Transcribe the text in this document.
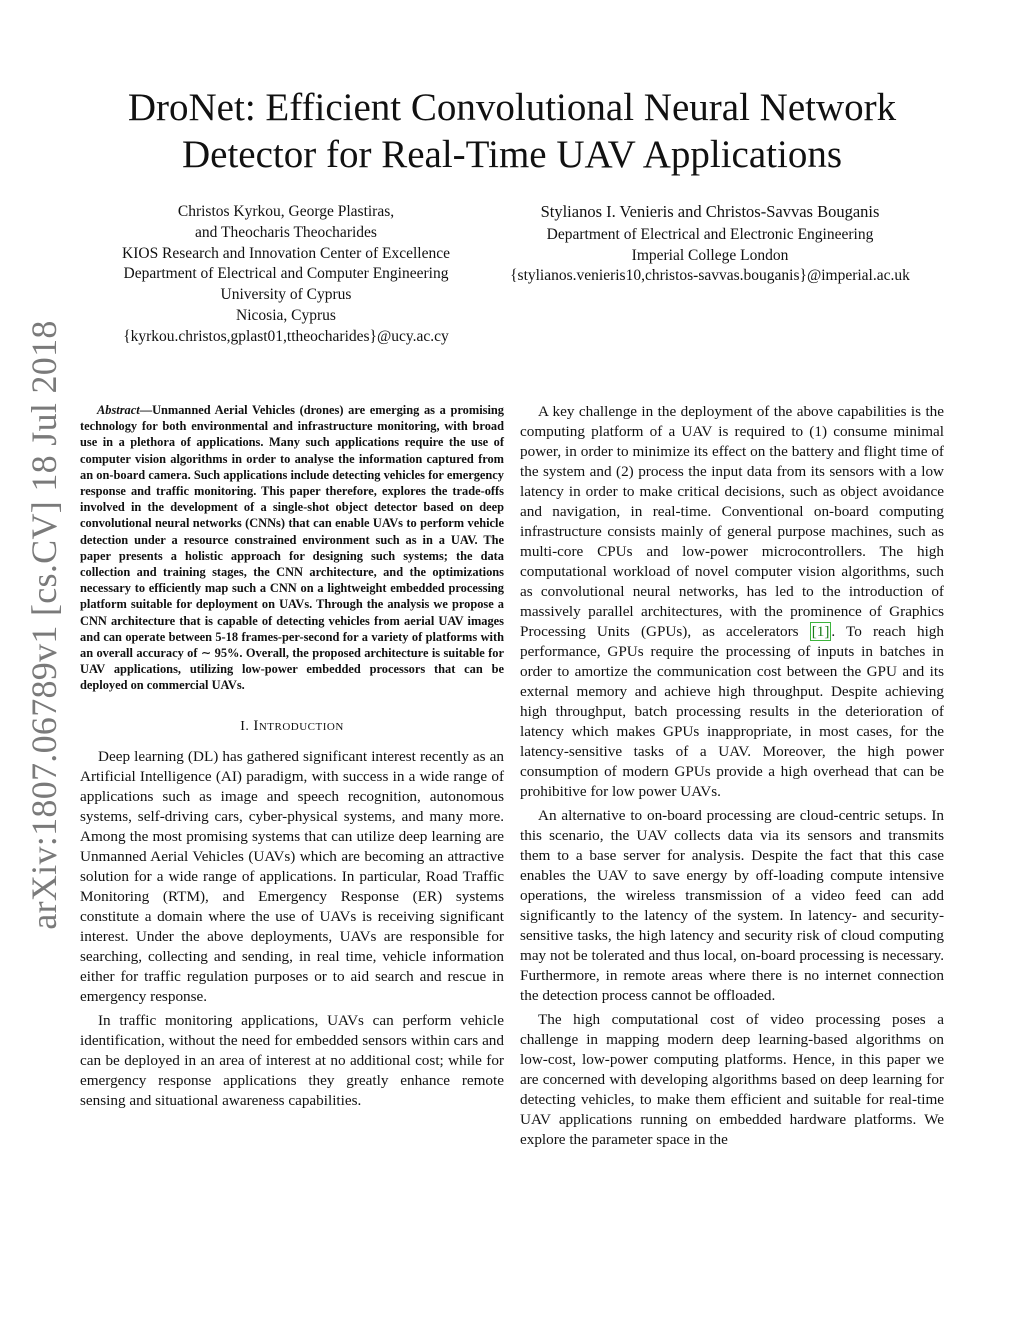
arXiv:1807.06789v1 [cs.CV] 18 Jul 2018
DroNet: Efficient Convolutional Neural Network
Detector for Real-Time UAV Applications
Christos Kyrkou, George Plastiras,
and Theocharis Theocharides
KIOS Research and Innovation Center of Excellence
Department of Electrical and Computer Engineering
University of Cyprus
Nicosia, Cyprus
{kyrkou.christos,gplast01,ttheocharides}@ucy.ac.cy
Stylianos I. Venieris and Christos-Savvas Bouganis
Department of Electrical and Electronic Engineering
Imperial College London
{stylianos.venieris10,christos-savvas.bouganis}@imperial.ac.uk
Abstract—Unmanned Aerial Vehicles (drones) are emerging as a promising technology for both environmental and infrastructure monitoring, with broad use in a plethora of applications. Many such applications require the use of computer vision algorithms in order to analyse the information captured from an on-board camera. Such applications include detecting vehicles for emergency response and traffic monitoring. This paper therefore, explores the trade-offs involved in the development of a single-shot object detector based on deep convolutional neural networks (CNNs) that can enable UAVs to perform vehicle detection under a resource constrained environment such as in a UAV. The paper presents a holistic approach for designing such systems; the data collection and training stages, the CNN architecture, and the optimizations necessary to efficiently map such a CNN on a lightweight embedded processing platform suitable for deployment on UAVs. Through the analysis we propose a CNN architecture that is capable of detecting vehicles from aerial UAV images and can operate between 5-18 frames-per-second for a variety of platforms with an overall accuracy of ∼ 95%. Overall, the proposed architecture is suitable for UAV applications, utilizing low-power embedded processors that can be deployed on commercial UAVs.
I. Introduction

Deep learning (DL) has gathered significant interest recently as an Artificial Intelligence (AI) paradigm, with success in a wide range of applications such as image and speech recognition, autonomous systems, self-driving cars, cyber-physical systems, and many more. Among the most promising systems that can utilize deep learning are Unmanned Aerial Vehicles (UAVs) which are becoming an attractive solution for a wide range of applications. In particular, Road Traffic Monitoring (RTM), and Emergency Response (ER) systems constitute a domain where the use of UAVs is receiving significant interest. Under the above deployments, UAVs are responsible for searching, collecting and sending, in real time, vehicle information either for traffic regulation purposes or to aid search and rescue in emergency response.

In traffic monitoring applications, UAVs can perform vehicle identification, without the need for embedded sensors within cars and can be deployed in an area of interest at no additional cost; while for emergency response applications they greatly enhance remote sensing and situational awareness capabilities.

A key challenge in the deployment of the above capabilities is the computing platform of a UAV is required to (1) consume minimal power, in order to minimize its effect on the battery and flight time of the system and (2) process the input data from its sensors with a low latency in order to make critical decisions, such as object avoidance and navigation, in real-time. Conventional on-board computing infrastructure consists mainly of general purpose machines, such as multi-core CPUs and low-power microcontrollers. The high computational workload of novel computer vision algorithms, such as convolutional neural networks, has led to the introduction of massively parallel architectures, with the prominence of Graphics Processing Units (GPUs), as accelerators [1] . To reach high performance, GPUs require the processing of inputs in batches in order to amortize the communication cost between the GPU and its external memory and achieve high throughput. Despite achieving high throughput, batch processing results in the deterioration of latency which makes GPUs inappropriate, in most cases, for the latency-sensitive tasks of a UAV. Moreover, the high power consumption of modern GPUs provide a high overhead that can be prohibitive for low power UAVs.

An alternative to on-board processing are cloud-centric setups. In this scenario, the UAV collects data via its sensors and transmits them to a base server for analysis. Despite the fact that this case enables the UAV to save energy by off-loading compute intensive operations, the wireless transmission of a video feed can add significantly to the latency of the system. In latency- and security-sensitive tasks, the high latency and security risk of cloud computing may not be tolerated and thus local, on-board processing is necessary. Furthermore, in remote areas where there is no internet connection the detection process cannot be offloaded.

The high computational cost of video processing poses a challenge in mapping modern deep learning-based algorithms on low-cost, low-power computing platforms. Hence, in this paper we are concerned with developing algorithms based on deep learning for detecting vehicles, to make them efficient and suitable for real-time UAV applications running on embedded hardware platforms. We explore the parameter space in the
